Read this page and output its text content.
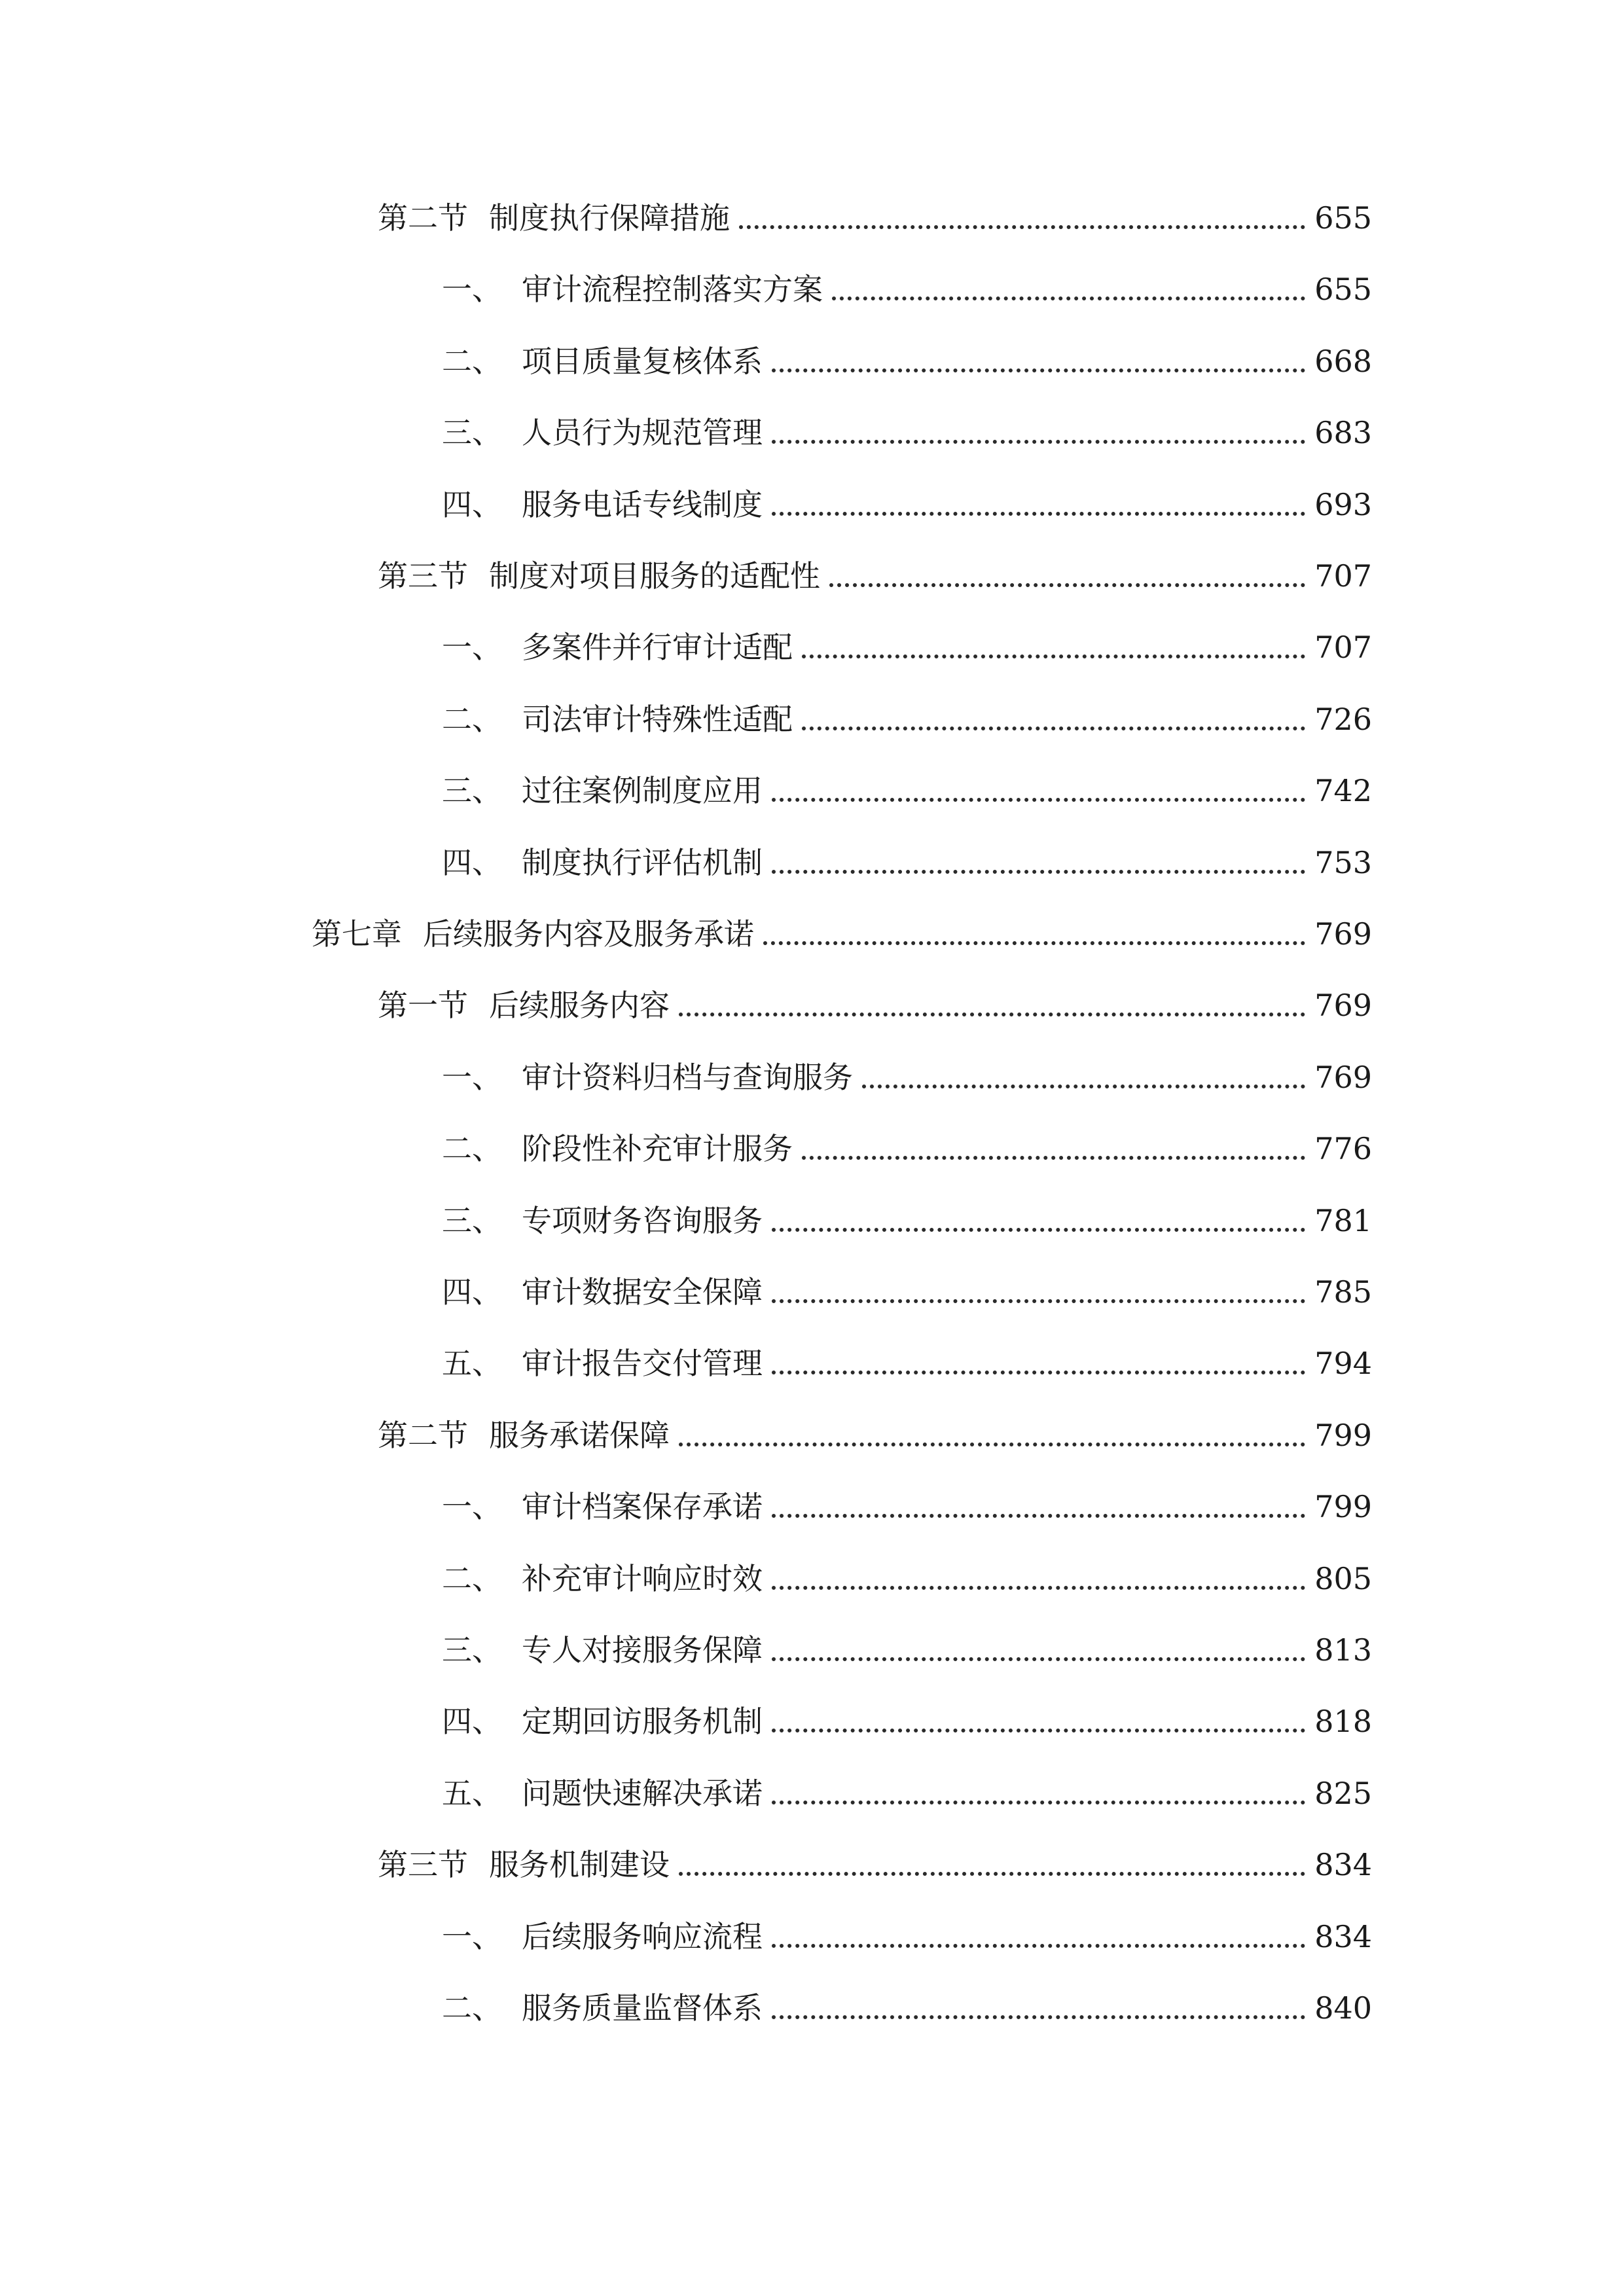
第二节 制度执行保障措施	655
一、 审计流程控制落实方案	655
二、 项目质量复核体系	668
三、 人员行为规范管理	683
四、 服务电话专线制度	693
第三节 制度对项目服务的适配性	707
一、 多案件并行审计适配	707
二、 司法审计特殊性适配	726
三、 过往案例制度应用	742
四、 制度执行评估机制	753
第七章 后续服务内容及服务承诺	769
第一节 后续服务内容	769
一、 审计资料归档与查询服务	769
二、 阶段性补充审计服务	776
三、 专项财务咨询服务	781
四、 审计数据安全保障	785
五、 审计报告交付管理	794
第二节 服务承诺保障	799
一、 审计档案保存承诺	799
二、 补充审计响应时效	805
三、 专人对接服务保障	813
四、 定期回访服务机制	818
五、 问题快速解决承诺	825
第三节 服务机制建设	834
一、 后续服务响应流程	834
二、 服务质量监督体系	840
